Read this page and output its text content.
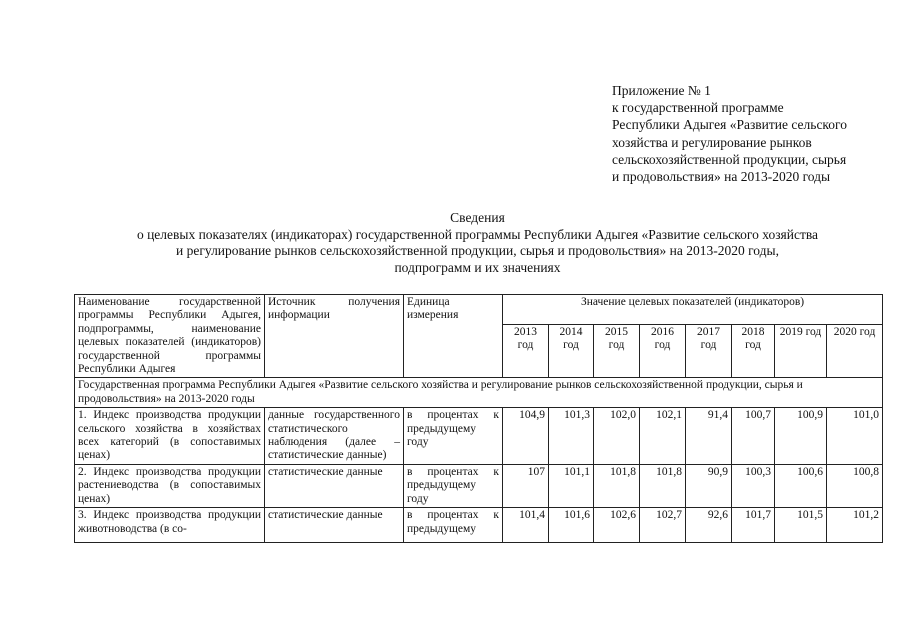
Приложение № 1
к государственной программе
Республики Адыгея «Развитие сельского
хозяйства и регулирование рынков
сельскохозяйственной продукции, сырья
и продовольствия» на 2013-2020 годы
Сведения
о целевых показателях (индикаторах) государственной программы Республики Адыгея «Развитие сельского хозяйства
и регулирование рынков сельскохозяйственной продукции, сырья и продовольствия» на 2013-2020 годы,
подпрограмм и их значениях
Наименование государственной программы Республики Адыгея, подпрограммы, наименование целевых показателей (индикаторов) государственной программы Республики Адыгея	Источник получения информации	Единица измерения	Значение целевых показателей (индикаторов)							
			2013 год	2014 год	2015 год	2016 год	2017 год	2018 год	2019 год	2020 год
Государственная программа Республики Адыгея «Развитие сельского хозяйства и регулирование рынков сельскохозяйственной продукции, сырья и продовольствия» на 2013-2020 годы										
1. Индекс производства продукции сельского хозяйства в хозяйствах всех категорий (в сопоставимых ценах)	данные государственного статистического наблюдения (далее – статистические данные)	в процентах к предыдущему году	104,9	101,3	102,0	102,1	91,4	100,7	100,9	101,0
2. Индекс производства продукции растениеводства (в сопоставимых ценах)	статистические данные	в процентах к предыдущему году	107	101,1	101,8	101,8	90,9	100,3	100,6	100,8
3. Индекс производства продукции животноводства (в со-	статистические данные	в процентах к предыдущему	101,4	101,6	102,6	102,7	92,6	101,7	101,5	101,2
